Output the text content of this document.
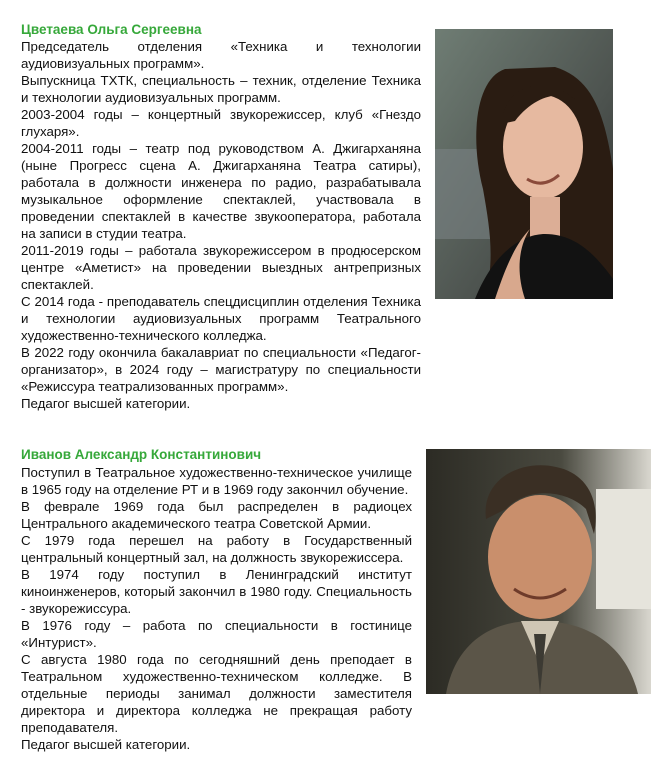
Цветаева Ольга Сергеевна

Председатель отделения «Техника и технологии аудиовизуальных программ».

Выпускница ТХТК, специальность – техник, отделение Техника и технологии аудиовизуальных программ.

2003-2004 годы – концертный звукорежиссер, клуб «Гнездо глухаря».

2004-2011 годы – театр под руководством А. Джигарханяна (ныне Прогресс сцена А. Джигарханяна Театра сатиры), работала в должности инженера по радио, разрабатывала музыкальное оформление спектаклей, участвовала в проведении спектаклей в качестве звукооператора, работала на записи в студии театра.

2011-2019 годы – работала звукорежиссером в продюсерском центре «Аметист» на проведении выездных антрепризных спектаклей.

С 2014 года - преподаватель спецдисциплин отделения Техника и технологии аудиовизуальных программ Театрального художественно-технического колледжа.

В 2022 году окончила бакалавриат по специальности «Педагог-организатор», в 2024 году – магистратуру по специальности «Режиссура театрализованных программ».

Педагог высшей категории.

Иванов Александр Константинович

Поступил в Театральное художественно-техническое училище в 1965 году на отделение РТ и в 1969 году закончил обучение.

В феврале 1969 года был распределен в радиоцех Центрального академического театра Советской Армии.

С 1979 года перешел на работу в Государственный центральный концертный зал, на должность звукорежиссера.

В 1974 году поступил в Ленинградский институт киноинженеров, который закончил в 1980 году. Специальность - звукорежиссура.

В 1976 году – работа по специальности в гостинице «Интурист».

С августа 1980 года по сегодняшний день преподает в Театральном художественно-техническом колледже. В отдельные периоды занимал должности заместителя директора и директора колледжа не прекращая работу преподавателя.

Педагог высшей категории.
